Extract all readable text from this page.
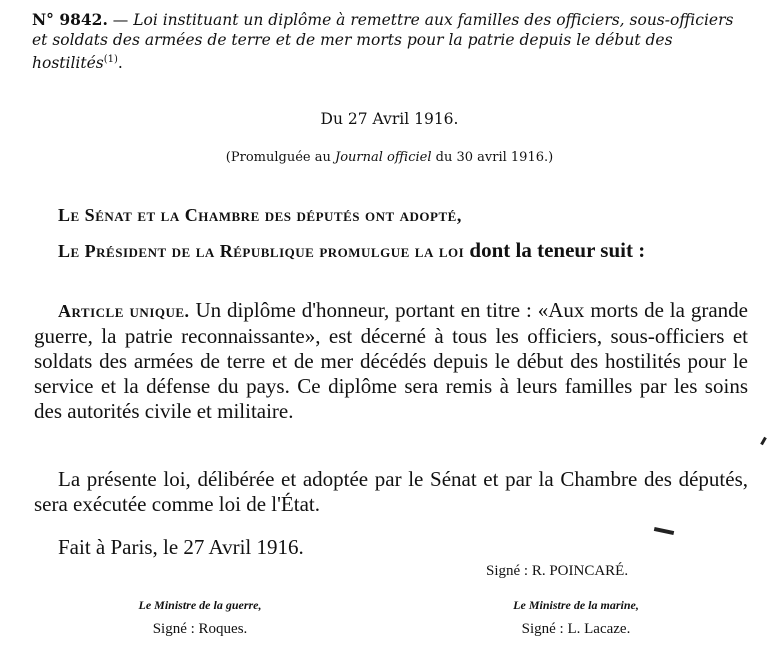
N° 9842. — Loi instituant un diplôme à remettre aux familles des officiers, sous-officiers et soldats des armées de terre et de mer morts pour la patrie depuis le début des hostilités$^{(1)}$.
Du 27 Avril 1916.
(Promulguée au Journal officiel du 30 avril 1916.)
Le Sénat et la Chambre des députés ont adopté,
Le Président de la République promulgue la loi dont la teneur suit :
Article unique. Un diplôme d'honneur, portant en titre : «Aux morts de la grande guerre, la patrie reconnaissante», est décerné à tous les officiers, sous-officiers et soldats des armées de terre et de mer décédés depuis le début des hostilités pour le service et la défense du pays. Ce diplôme sera remis à leurs familles par les soins des autorités civile et militaire.
La présente loi, délibérée et adoptée par le Sénat et par la Chambre des députés, sera exécutée comme loi de l'État.
Fait à Paris, le 27 Avril 1916.
Signé : R. POINCARÉ.
Le Ministre de la guerre,
Signé : Roques.
Le Ministre de la marine,
Signé : L. Lacaze.
